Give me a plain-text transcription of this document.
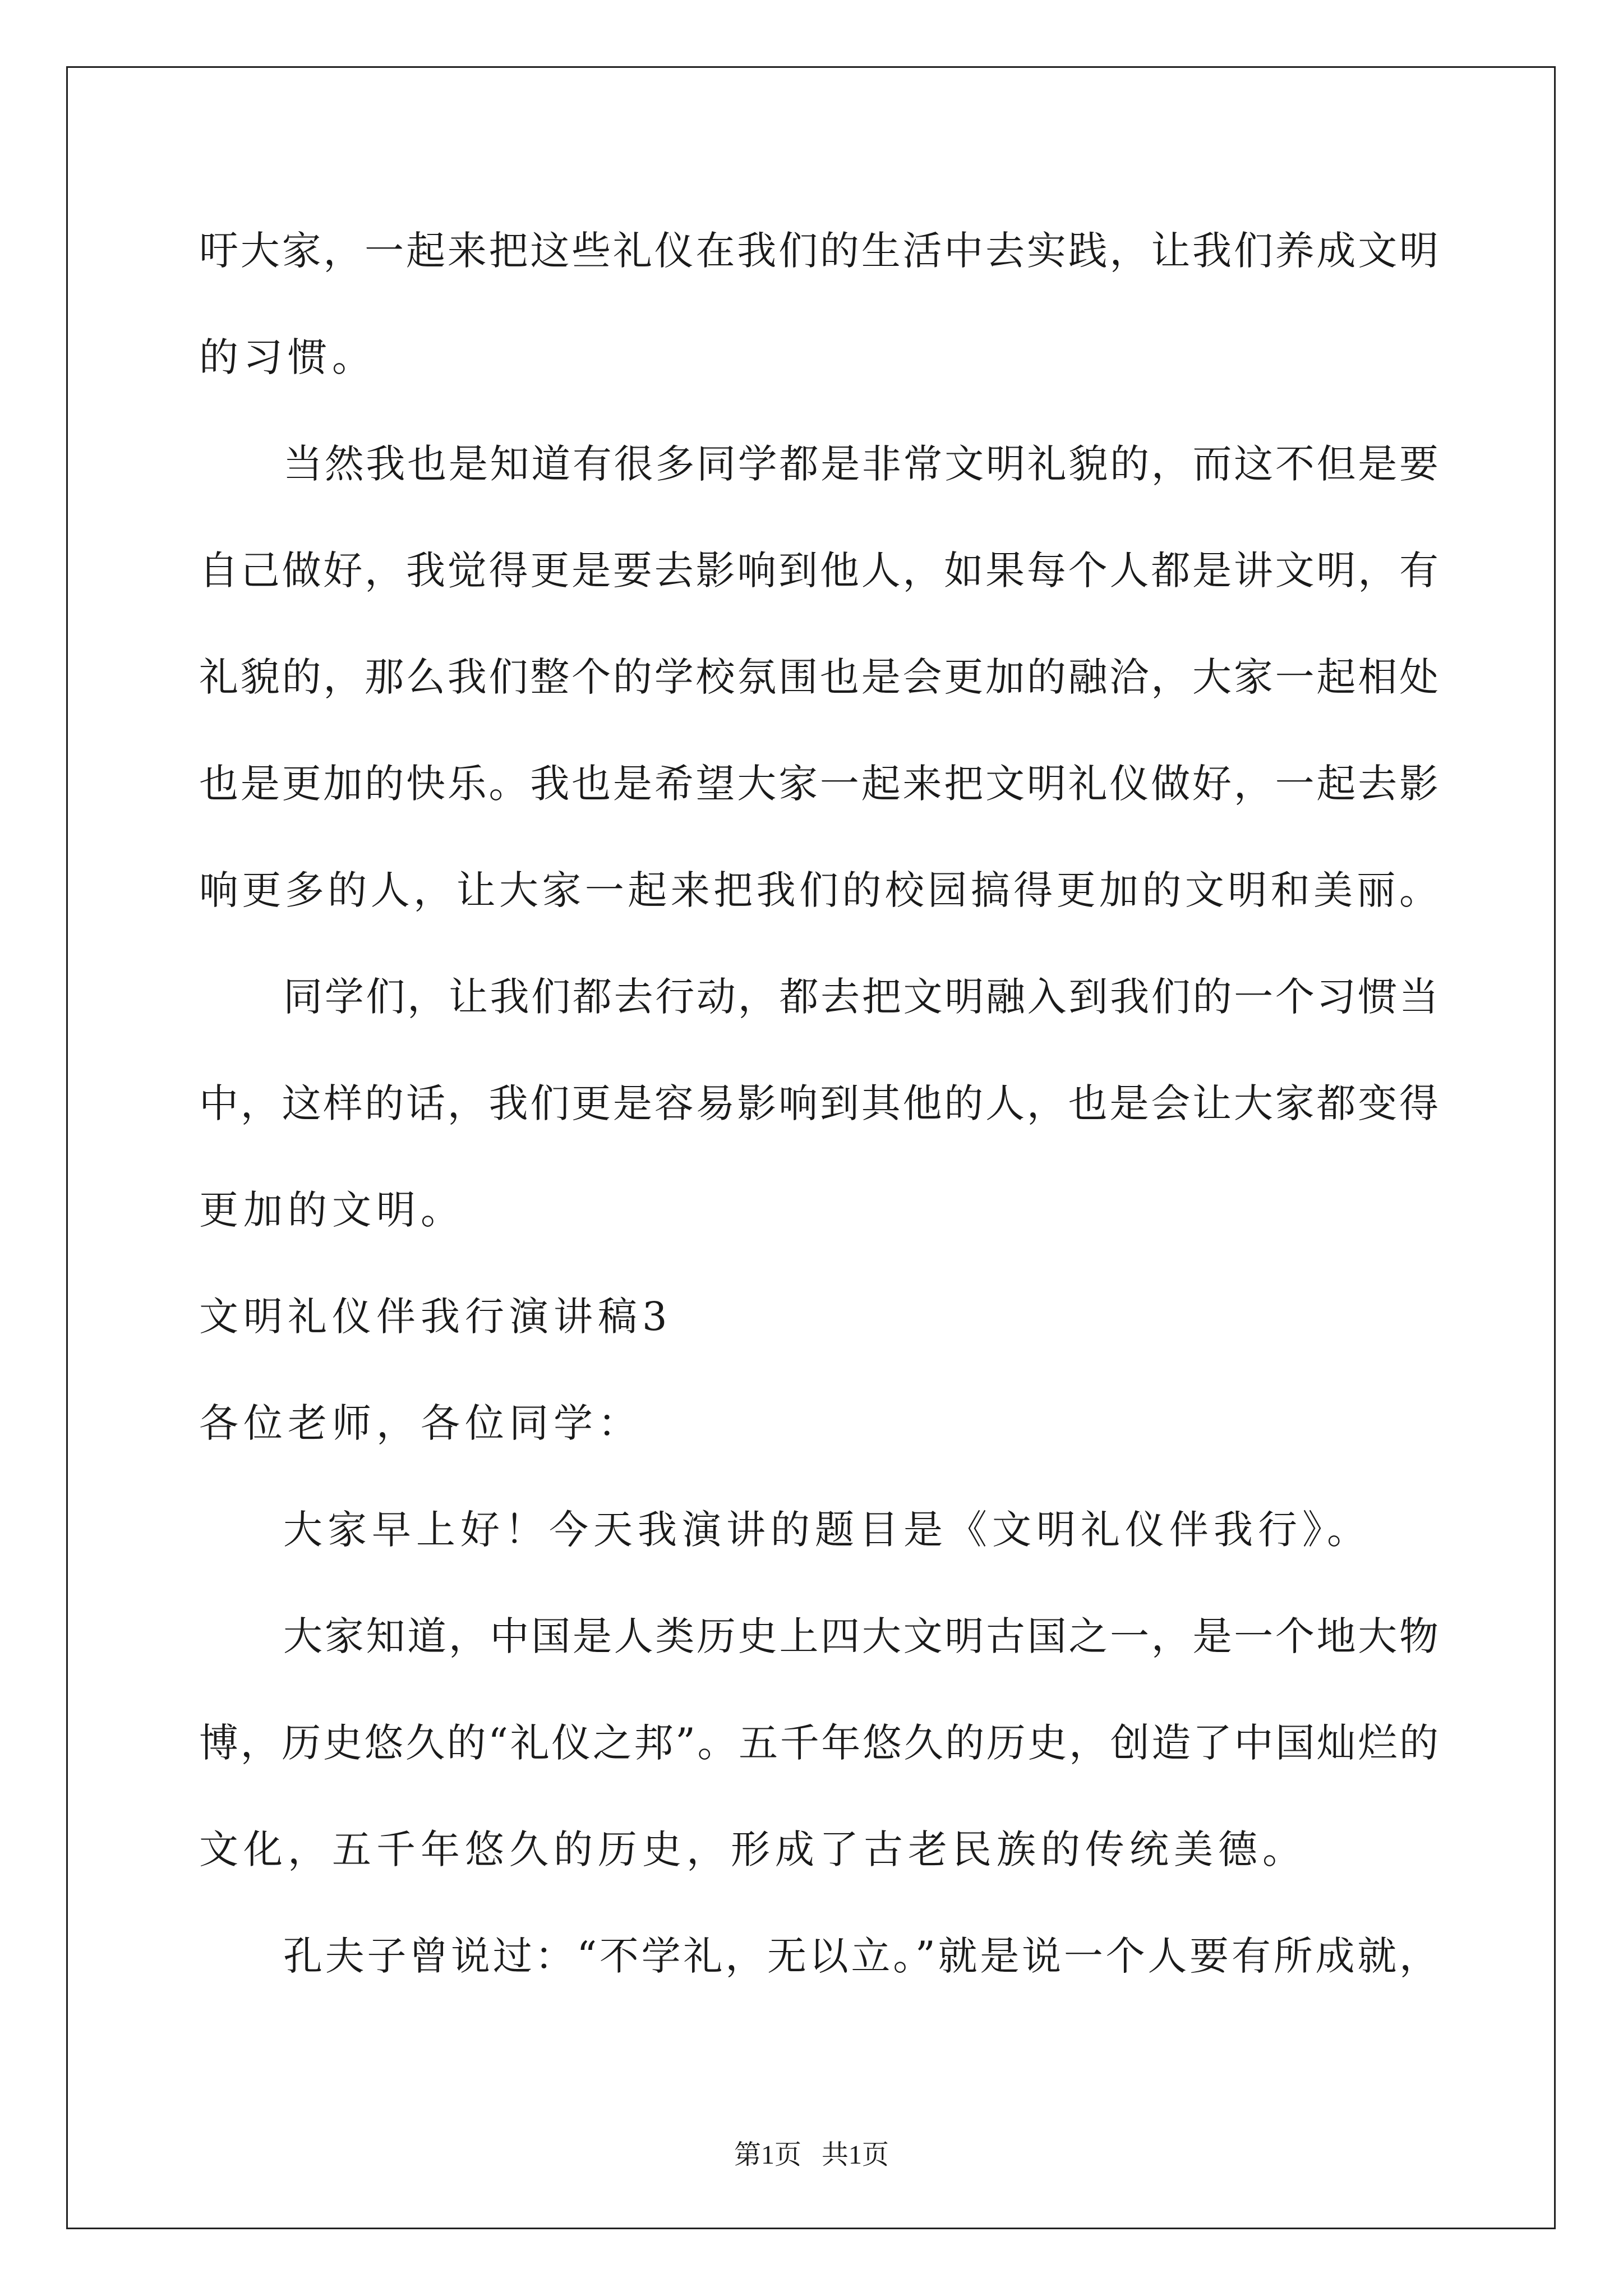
吁大家，一起来把这些礼仪在我们的生活中去实践，让我们养成文明
的习惯。
当然我也是知道有很多同学都是非常文明礼貌的，而这不但是要
自己做好，我觉得更是要去影响到他人，如果每个人都是讲文明，有
礼貌的，那么我们整个的学校氛围也是会更加的融洽，大家一起相处
也是更加的快乐。我也是希望大家一起来把文明礼仪做好，一起去影
响更多的人，让大家一起来把我们的校园搞得更加的文明和美丽。
同学们，让我们都去行动，都去把文明融入到我们的一个习惯当
中，这样的话，我们更是容易影响到其他的人，也是会让大家都变得
更加的文明。
文明礼仪伴我行演讲稿3
各位老师，各位同学：
大家早上好！今天我演讲的题目是《文明礼仪伴我行》。
大家知道，中国是人类历史上四大文明古国之一，是一个地大物
博，历史悠久的“礼仪之邦”。五千年悠久的历史，创造了中国灿烂的
文化，五千年悠久的历史，形成了古老民族的传统美德。
孔夫子曾说过：“不学礼，无以立。”就是说一个人要有所成就，
第1页 共1页
